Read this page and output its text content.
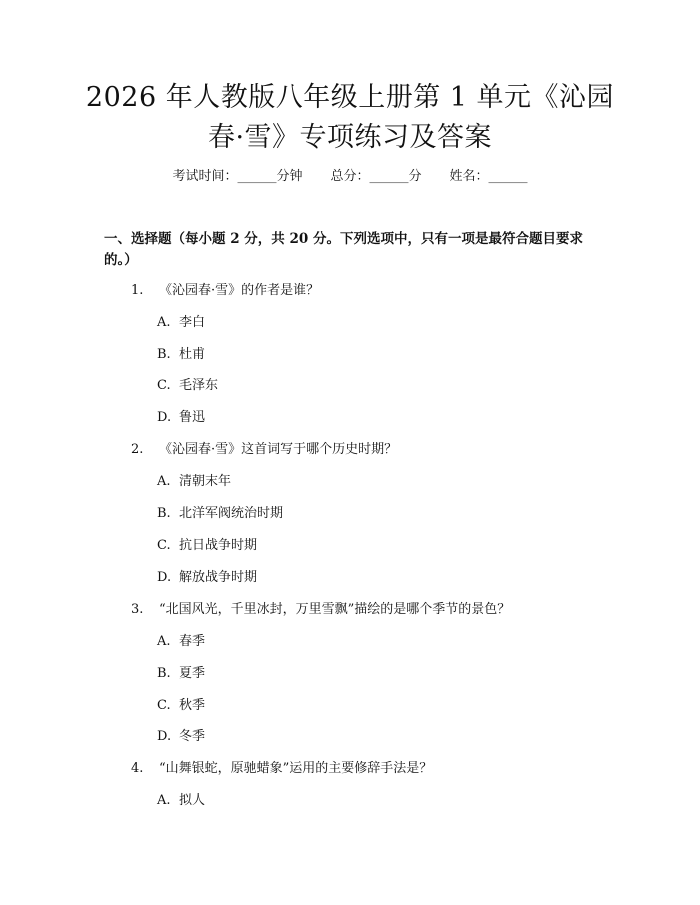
2026 年人教版八年级上册第 1 单元《沁园
春·雪》专项练习及答案
考试时间：______分钟 总分：______分 姓名：______
一、选择题（每小题 2 分，共 20 分。下列选项中，只有一项是最符合题目要求的。）
1. 《沁园春·雪》的作者是谁？
A. 李白
B. 杜甫
C. 毛泽东
D. 鲁迅
2. 《沁园春·雪》这首词写于哪个历史时期？
A. 清朝末年
B. 北洋军阀统治时期
C. 抗日战争时期
D. 解放战争时期
3. “北国风光，千里冰封，万里雪飘”描绘的是哪个季节的景色？
A. 春季
B. 夏季
C. 秋季
D. 冬季
4. “山舞银蛇，原驰蜡象”运用的主要修辞手法是？
A. 拟人
